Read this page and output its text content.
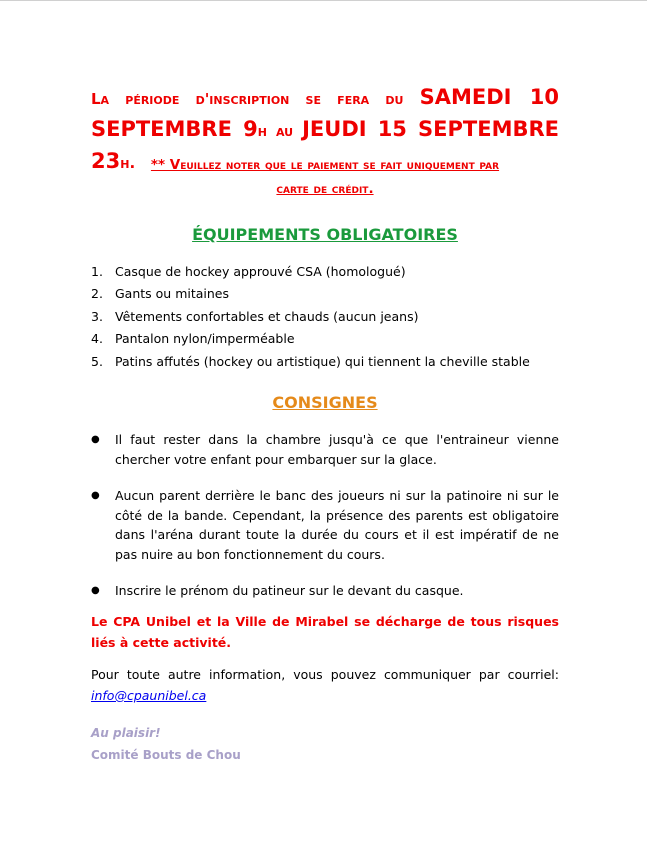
La période d'inscription se fera du SAMEDI 10
SEPTEMBRE 9h au JEUDI 15 SEPTEMBRE 23h.	** Veuillez noter que le paiement se fait uniquement par
carte de crédit.
ÉQUIPEMENTS OBLIGATOIRES
1. Casque de hockey approuvé CSA (homologué)
2. Gants ou mitaines
3. Vêtements confortables et chauds (aucun jeans)
4. Pantalon nylon/imperméable
5. Patins affutés (hockey ou artistique) qui tiennent la cheville stable
CONSIGNES
● Il faut rester dans la chambre jusqu'à ce que l'entraineur vienne chercher votre enfant pour embarquer sur la glace.
● Aucun parent derrière le banc des joueurs ni sur la patinoire ni sur le côté de la bande. Cependant, la présence des parents est obligatoire dans l'aréna durant toute la durée du cours et il est impératif de ne pas nuire au bon fonctionnement du cours.
● Inscrire le prénom du patineur sur le devant du casque.
Le CPA Unibel et la Ville de Mirabel se décharge de tous risques liés à cette activité.
Pour toute autre information, vous pouvez communiquer par courriel:
info@cpaunibel.ca
Au plaisir!
Comité Bouts de Chou
